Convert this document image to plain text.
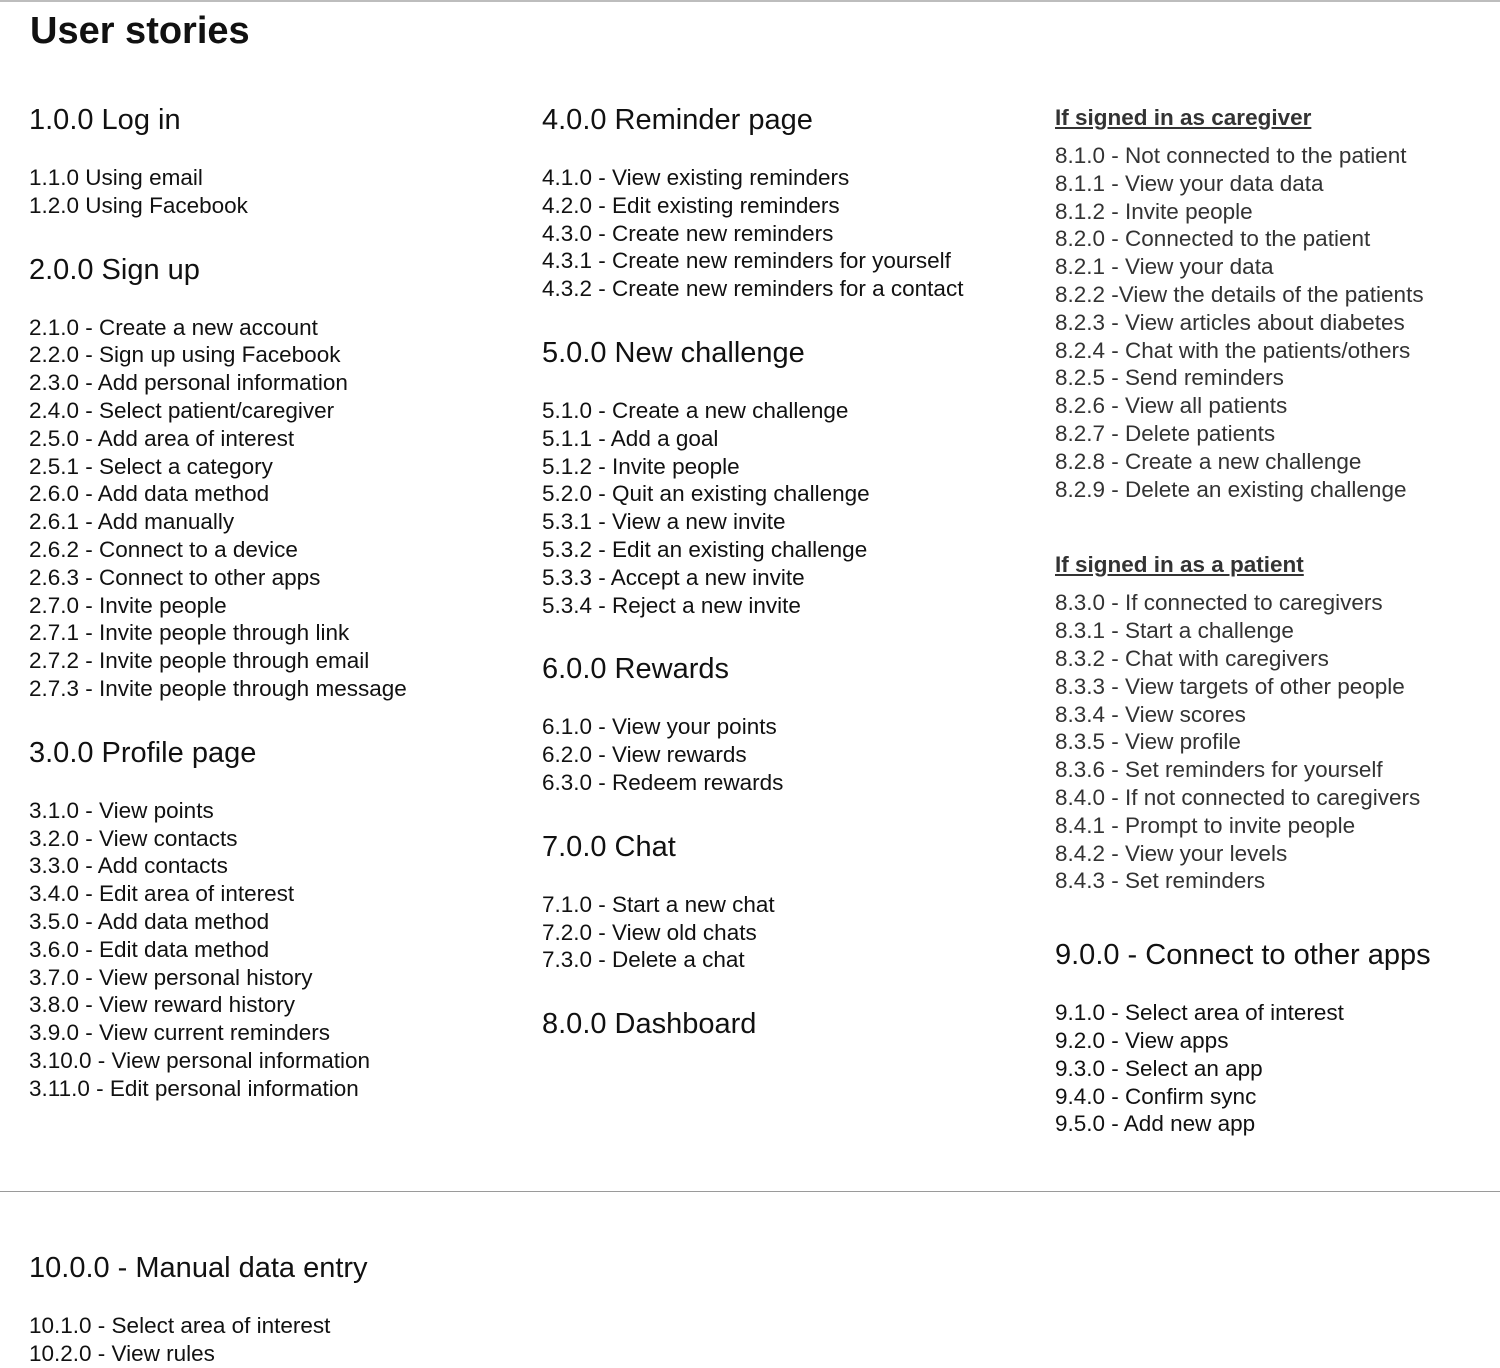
User stories
1.0.0 Log in
1.1.0 Using email
1.2.0 Using Facebook
2.0.0 Sign up
2.1.0 - Create a new account
2.2.0 - Sign up using Facebook
2.3.0 - Add personal information
2.4.0 - Select patient/caregiver
2.5.0 - Add area of interest
2.5.1 - Select a category
2.6.0 - Add data method
2.6.1 - Add manually
2.6.2 - Connect to a device
2.6.3 - Connect to other apps
2.7.0 - Invite people
2.7.1 - Invite people through link
2.7.2 - Invite people through email
2.7.3 - Invite people through message
3.0.0 Profile page
3.1.0 - View points
3.2.0 - View contacts
3.3.0 - Add contacts
3.4.0 - Edit area of interest
3.5.0 - Add data method
3.6.0 - Edit data method
3.7.0 - View personal history
3.8.0 - View reward history
3.9.0 - View current reminders
3.10.0 - View personal information
3.11.0 - Edit personal information
4.0.0 Reminder page
4.1.0 - View existing reminders
4.2.0 - Edit existing reminders
4.3.0 - Create new reminders
4.3.1 - Create new reminders for yourself
4.3.2 - Create new reminders for a contact
5.0.0 New challenge
5.1.0 - Create a new challenge
5.1.1 - Add a goal
5.1.2 - Invite people
5.2.0 - Quit an existing challenge
5.3.1 - View a new invite
5.3.2 - Edit an existing challenge
5.3.3 - Accept a new invite
5.3.4 - Reject a new invite
6.0.0 Rewards
6.1.0 - View your points
6.2.0 - View rewards
6.3.0 - Redeem rewards
7.0.0 Chat
7.1.0 - Start a new chat
7.2.0 - View old chats
7.3.0 - Delete a chat
8.0.0 Dashboard
If signed in as caregiver
8.1.0 - Not connected to the patient
8.1.1 - View your data data
8.1.2 - Invite people
8.2.0 - Connected to the patient
8.2.1 - View your data
8.2.2 -View the details of the patients
8.2.3 - View articles about diabetes
8.2.4 - Chat with the patients/others
8.2.5 - Send reminders
8.2.6 - View all patients
8.2.7 - Delete patients
8.2.8 - Create a new challenge
8.2.9 - Delete an existing challenge
If signed in as a patient
8.3.0 - If connected to caregivers
8.3.1 - Start a challenge
8.3.2 - Chat with caregivers
8.3.3 - View targets of other people
8.3.4 - View scores
8.3.5 - View profile
8.3.6 - Set reminders for yourself
8.4.0 - If not connected to caregivers
8.4.1 - Prompt to invite people
8.4.2 - View your levels
8.4.3 - Set reminders
9.0.0 - Connect to other apps
9.1.0 - Select area of interest
9.2.0 - View apps
9.3.0 - Select an app
9.4.0 - Confirm sync
9.5.0 - Add new app
10.0.0 - Manual data entry
10.1.0 - Select area of interest
10.2.0 - View rules
